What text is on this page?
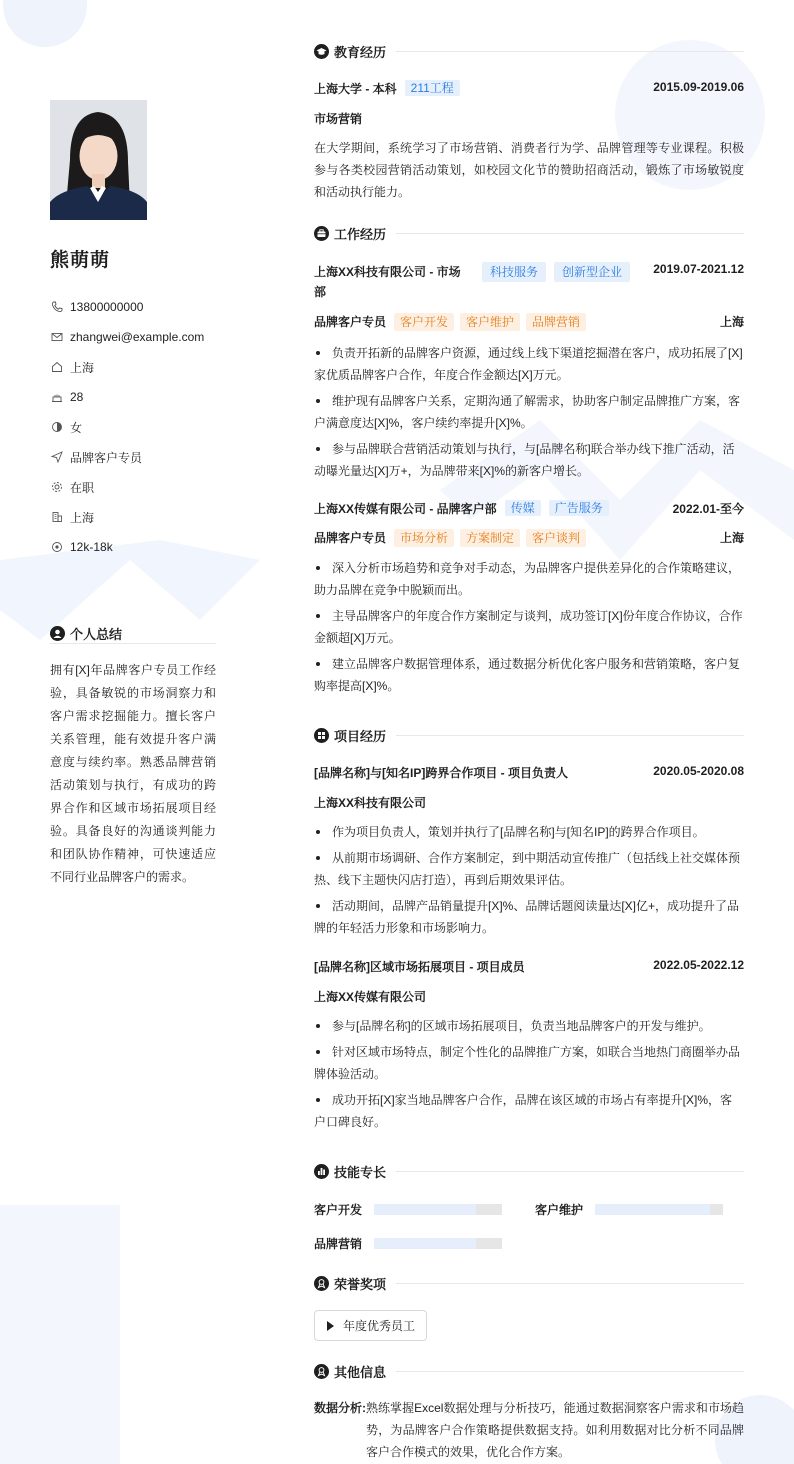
熊萌萌
13800000000
zhangwei@example.com
上海
28
女
品牌客户专员
在职
上海
12k-18k
个人总结
拥有[X]年品牌客户专员工作经验，具备敏锐的市场洞察力和客户需求挖掘能力。擅长客户关系管理，能有效提升客户满意度与续约率。熟悉品牌营销活动策划与执行，有成功的跨界合作和区域市场拓展项目经验。具备良好的沟通谈判能力和团队协作精神，可快速适应不同行业品牌客户的需求。
教育经历
上海大学 - 本科	211工程	2015.09-2019.06
市场营销
在大学期间，系统学习了市场营销、消费者行为学、品牌管理等专业课程。积极参与各类校园营销活动策划，如校园文化节的赞助招商活动，锻炼了市场敏锐度和活动执行能力。
工作经历
上海XX科技有限公司 - 市场部
科技服务	创新型企业	2019.07-2021.12
品牌客户专员	客户开发	客户维护	品牌营销	上海
负责开拓新的品牌客户资源，通过线上线下渠道挖掘潜在客户，成功拓展了[X]家优质品牌客户合作，年度合作金额达[X]万元。
维护现有品牌客户关系，定期沟通了解需求，协助客户制定品牌推广方案，客户满意度达[X]%，客户续约率提升[X]%。
参与品牌联合营销活动策划与执行，与[品牌名称]联合举办线下推广活动，活动曝光量达[X]万+，为品牌带来[X]%的新客户增长。
上海XX传媒有限公司 - 品牌客户部	传媒	广告服务	2022.01-至今
品牌客户专员	市场分析	方案制定	客户谈判	上海
深入分析市场趋势和竞争对手动态，为品牌客户提供差异化的合作策略建议，助力品牌在竞争中脱颖而出。
主导品牌客户的年度合作方案制定与谈判，成功签订[X]份年度合作协议，合作金额超[X]万元。
建立品牌客户数据管理体系，通过数据分析优化客户服务和营销策略，客户复购率提高[X]%。
项目经历
[品牌名称]与[知名IP]跨界合作项目 - 项目负责人	2020.05-2020.08
上海XX科技有限公司
作为项目负责人，策划并执行了[品牌名称]与[知名IP]的跨界合作项目。
从前期市场调研、合作方案制定，到中期活动宣传推广（包括线上社交媒体预热、线下主题快闪店打造），再到后期效果评估。
活动期间，品牌产品销量提升[X]%、品牌话题阅读量达[X]亿+，成功提升了品牌的年轻活力形象和市场影响力。
[品牌名称]区域市场拓展项目 - 项目成员	2022.05-2022.12
上海XX传媒有限公司
参与[品牌名称]的区域市场拓展项目，负责当地品牌客户的开发与维护。
针对区域市场特点，制定个性化的品牌推广方案，如联合当地热门商圈举办品牌体验活动。
成功开拓[X]家当地品牌客户合作，品牌在该区域的市场占有率提升[X]%，客户口碑良好。
技能专长
客户开发	客户维护
品牌营销
荣誉奖项
年度优秀员工
其他信息
数据分析: 熟练掌握Excel数据处理与分析技巧，能通过数据洞察客户需求和市场趋势，为品牌客户合作策略提供数据支持。如利用数据对比分析不同品牌客户合作模式的效果，优化合作方案。
